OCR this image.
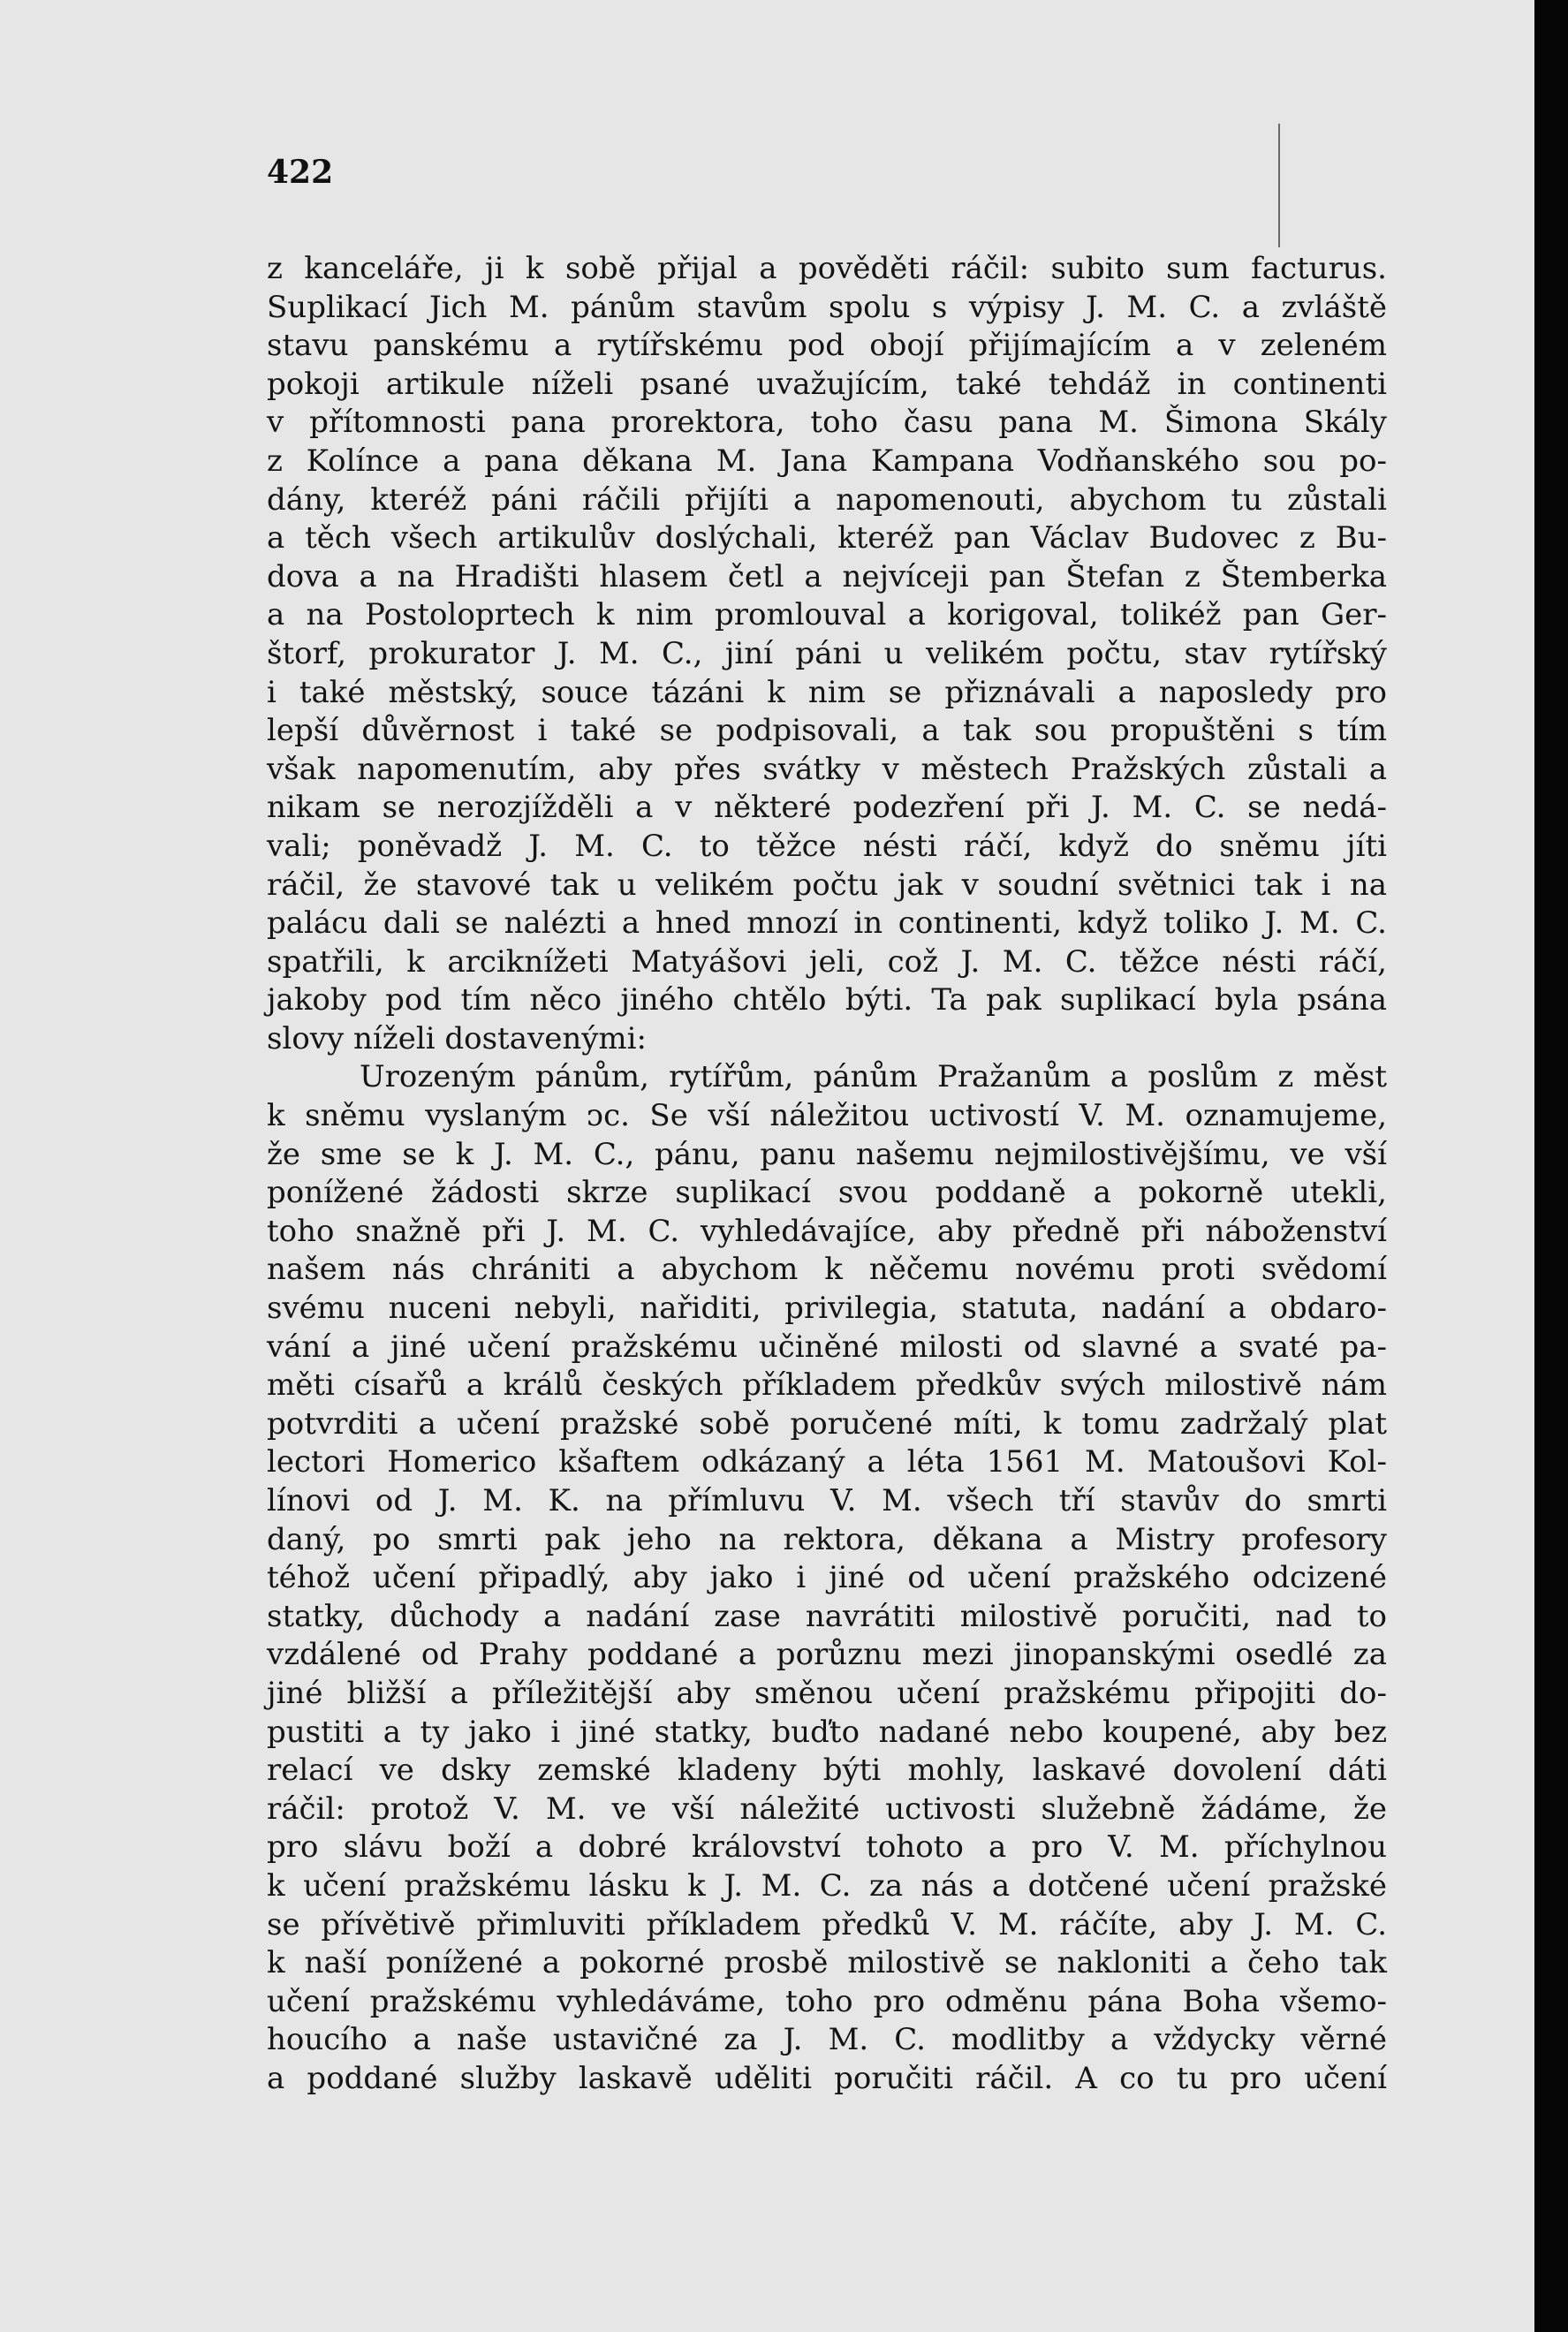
422
z kanceláře, ji k sobě přijal a pověděti ráčil: subito sum facturus.
Suplikací Jich M. pánům stavům spolu s výpisy J. M. C. a zvláště
stavu panskému a rytířskému pod obojí přijímajícím a v zeleném
pokoji artikule níželi psané uvažujícím, také tehdáž in continenti
v přítomnosti pana prorektora, toho času pana M. Šimona Skály
z Kolínce a pana děkana M. Jana Kampana Vodňanského sou po-
dány, kteréž páni ráčili přijíti a napomenouti, abychom tu zůstali
a těch všech artikulův doslýchali, kteréž pan Václav Budovec z Bu-
dova a na Hradišti hlasem četl a nejvíceji pan Štefan z Štemberka
a na Postoloprtech k nim promlouval a korigoval, tolikéž pan Ger-
štorf, prokurator J. M. C., jiní páni u velikém počtu, stav rytířský
i také městský, souce tázáni k nim se přiznávali a naposledy pro
lepší důvěrnost i také se podpisovali, a tak sou propuštěni s tím
však napomenutím, aby přes svátky v městech Pražských zůstali a
nikam se nerozjížděli a v některé podezření při J. M. C. se nedá-
vali; poněvadž J. M. C. to těžce nésti ráčí, když do sněmu jíti
ráčil, že stavové tak u velikém počtu jak v soudní světnici tak i na
palácu dali se nalézti a hned mnozí in continenti, když toliko J. M. C.
spatřili, k arciknížeti Matyášovi jeli, což J. M. C. těžce nésti ráčí,
jakoby pod tím něco jiného chtělo býti. Ta pak suplikací byla psána
slovy níželi dostavenými:
Urozeným pánům, rytířům, pánům Pražanům a poslům z měst
k sněmu vyslaným ᴐc. Se vší náležitou uctivostí V. M. oznamujeme,
že sme se k J. M. C., pánu, panu našemu nejmilostivějšímu, ve vší
ponížené žádosti skrze suplikací svou poddaně a pokorně utekli,
toho snažně při J. M. C. vyhledávajíce, aby předně při náboženství
našem nás chrániti a abychom k něčemu novému proti svědomí
svému nuceni nebyli, nařiditi, privilegia, statuta, nadání a obdaro-
vání a jiné učení pražskému učiněné milosti od slavné a svaté pa-
měti císařů a králů českých příkladem předkův svých milostivě nám
potvrditi a učení pražské sobě poručené míti, k tomu zadržalý plat
lectori Homerico kšaftem odkázaný a léta 1561 M. Matoušovi Kol-
línovi od J. M. K. na přímluvu V. M. všech tří stavův do smrti
daný, po smrti pak jeho na rektora, děkana a Mistry profesory
téhož učení připadlý, aby jako i jiné od učení pražského odcizené
statky, důchody a nadání zase navrátiti milostivě poručiti, nad to
vzdálené od Prahy poddané a porůznu mezi jinopanskými osedlé za
jiné bližší a příležitější aby směnou učení pražskému připojiti do-
pustiti a ty jako i jiné statky, buďto nadané nebo koupené, aby bez
relací ve dsky zemské kladeny býti mohly, laskavé dovolení dáti
ráčil: protož V. M. ve vší náležité uctivosti služebně žádáme, že
pro slávu boží a dobré království tohoto a pro V. M. příchylnou
k učení pražskému lásku k J. M. C. za nás a dotčené učení pražské
se přívětivě přimluviti příkladem předků V. M. ráčíte, aby J. M. C.
k naší ponížené a pokorné prosbě milostivě se nakloniti a čeho tak
učení pražskému vyhledáváme, toho pro odměnu pána Boha všemo-
houcího a naše ustavičné za J. M. C. modlitby a vždycky věrné
a poddané služby laskavě uděliti poručiti ráčil. A co tu pro učení
